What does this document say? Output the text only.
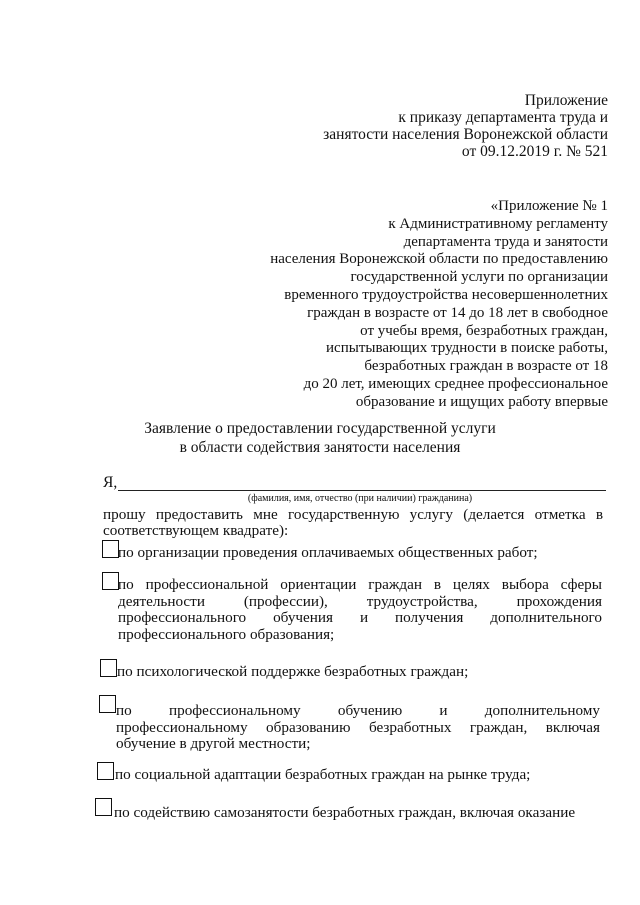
Приложение
к приказу департамента труда и
занятости населения Воронежской области
от 09.12.2019 г. № 521
«Приложение № 1
к Административному регламенту
департамента труда и занятости
населения Воронежской области по предоставлению
государственной услуги по организации
временного трудоустройства несовершеннолетних
граждан в возрасте от 14 до 18 лет в свободное
от учебы время, безработных граждан,
испытывающих трудности в поиске работы,
безработных граждан в возрасте от 18
до 20 лет, имеющих среднее профессиональное
образование и ищущих работу впервые
Заявление о предоставлении государственной услуги
в области содействия занятости населения
Я,
(фамилия, имя, отчество (при наличии) гражданина)
прошу предоставить мне государственную услугу (делается отметка в
соответствующем квадрате):
по организации проведения оплачиваемых общественных работ;
по профессиональной ориентации граждан в целях выбора сферы деятельности (профессии), трудоустройства, прохождения профессионального обучения и получения дополнительного профессионального образования;
по психологической поддержке безработных граждан;
по профессиональному обучению и дополнительному профессиональному образованию безработных граждан, включая обучение в другой местности;
по социальной адаптации безработных граждан на рынке труда;
по содействию самозанятости безработных граждан, включая оказание
